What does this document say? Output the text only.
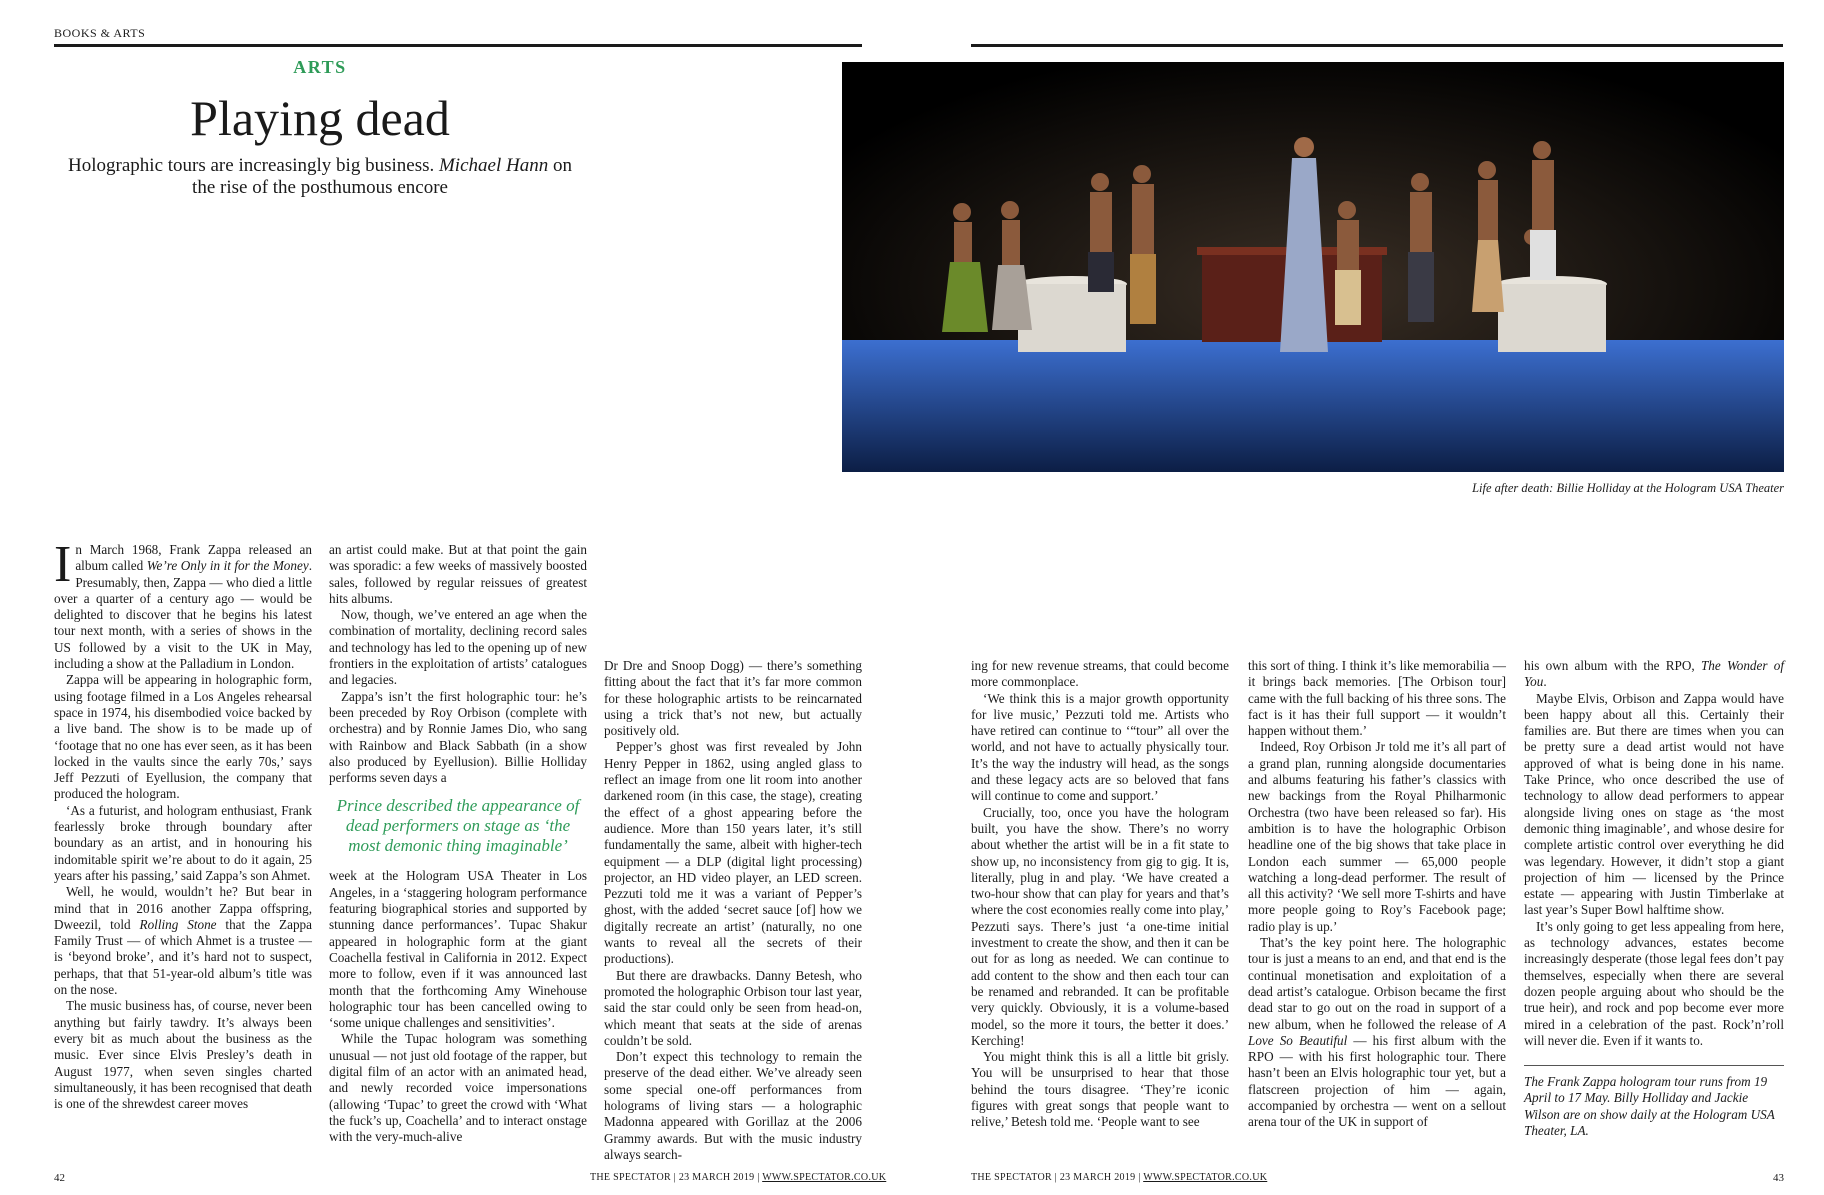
BOOKS & ARTS
ARTS
Playing dead
Holographic tours are increasingly big business. Michael Hann on the rise of the posthumous encore
Life after death: Billie Holliday at the Hologram USA Theater

In March 1968, Frank Zappa released an album called We’re Only in it for the Money. Presumably, then, Zappa — who died a little over a quarter of a century ago — would be delighted to discover that he begins his latest tour next month, with a series of shows in the US followed by a visit to the UK in May, including a show at the Palladium in London.

Zappa will be appearing in holographic form, using footage filmed in a Los Angeles rehearsal space in 1974, his disembodied voice backed by a live band. The show is to be made up of ‘footage that no one has ever seen, as it has been locked in the vaults since the early 70s,’ says Jeff Pezzuti of Eyellusion, the company that produced the hologram.

‘As a futurist, and hologram enthusiast, Frank fearlessly broke through boundary after boundary as an artist, and in honouring his indomitable spirit we’re about to do it again, 25 years after his passing,’ said Zappa’s son Ahmet.

Well, he would, wouldn’t he? But bear in mind that in 2016 another Zappa offspring, Dweezil, told Rolling Stone that the Zappa Family Trust — of which Ahmet is a trustee — is ‘beyond broke’, and it’s hard not to suspect, perhaps, that that 51-year-old album’s title was on the nose.

The music business has, of course, never been anything but fairly tawdry. It’s always been every bit as much about the business as the music. Ever since Elvis Presley’s death in August 1977, when seven singles charted simultaneously, it has been recognised that death is one of the shrewdest career moves

an artist could make. But at that point the gain was sporadic: a few weeks of massively boosted sales, followed by regular reissues of greatest hits albums.

Now, though, we’ve entered an age when the combination of mortality, declining record sales and technology has led to the opening up of new frontiers in the exploitation of artists’ catalogues and legacies.

Zappa’s isn’t the first holographic tour: he’s been preceded by Roy Orbison (complete with orchestra) and by Ronnie James Dio, who sang with Rainbow and Black Sabbath (in a show also produced by Eyellusion). Billie Holliday performs seven days a

Prince described the appearance of dead performers on stage as ‘the most demonic thing imaginable’

week at the Hologram USA Theater in Los Angeles, in a ‘staggering hologram performance featuring biographical stories and supported by stunning dance performances’. Tupac Shakur appeared in holographic form at the giant Coachella festival in California in 2012. Expect more to follow, even if it was announced last month that the forthcoming Amy Winehouse holographic tour has been cancelled owing to ‘some unique challenges and sensitivities’.

While the Tupac hologram was something unusual — not just old footage of the rapper, but digital film of an actor with an animated head, and newly recorded voice impersonations (allowing ‘Tupac’ to greet the crowd with ‘What the fuck’s up, Coachella’ and to interact onstage with the very-much-alive

Dr Dre and Snoop Dogg) — there’s something fitting about the fact that it’s far more common for these holographic artists to be reincarnated using a trick that’s not new, but actually positively old.

Pepper’s ghost was first revealed by John Henry Pepper in 1862, using angled glass to reflect an image from one lit room into another darkened room (in this case, the stage), creating the effect of a ghost appearing before the audience. More than 150 years later, it’s still fundamentally the same, albeit with higher-tech equipment — a DLP (digital light processing) projector, an HD video player, an LED screen. Pezzuti told me it was a variant of Pepper’s ghost, with the added ‘secret sauce [of] how we digitally recreate an artist’ (naturally, no one wants to reveal all the secrets of their productions).

But there are drawbacks. Danny Betesh, who promoted the holographic Orbison tour last year, said the star could only be seen from head-on, which meant that seats at the side of arenas couldn’t be sold.

Don’t expect this technology to remain the preserve of the dead either. We’ve already seen some special one-off performances from holograms of living stars — a holographic Madonna appeared with Gorillaz at the 2006 Grammy awards. But with the music industry always search-

ing for new revenue streams, that could become more commonplace.

‘We think this is a major growth opportunity for live music,’ Pezzuti told me. Artists who have retired can continue to ‘“tour” all over the world, and not have to actually physically tour. It’s the way the industry will head, as the songs and these legacy acts are so beloved that fans will continue to come and support.’

Crucially, too, once you have the hologram built, you have the show. There’s no worry about whether the artist will be in a fit state to show up, no inconsistency from gig to gig. It is, literally, plug in and play. ‘We have created a two-hour show that can play for years and that’s where the cost economies really come into play,’ Pezzuti says. There’s just ‘a one-time initial investment to create the show, and then it can be out for as long as needed. We can continue to add content to the show and then each tour can be renamed and rebranded. It can be profitable very quickly. Obviously, it is a volume-based model, so the more it tours, the better it does.’ Kerching!

You might think this is all a little bit grisly. You will be unsurprised to hear that those behind the tours disagree. ‘They’re iconic figures with great songs that people want to relive,’ Betesh told me. ‘People want to see

this sort of thing. I think it’s like memorabilia — it brings back memories. [The Orbison tour] came with the full backing of his three sons. The fact is it has their full support — it wouldn’t happen without them.’

Indeed, Roy Orbison Jr told me it’s all part of a grand plan, running alongside documentaries and albums featuring his father’s classics with new backings from the Royal Philharmonic Orchestra (two have been released so far). His ambition is to have the holographic Orbison headline one of the big shows that take place in London each summer — 65,000 people watching a long-dead performer. The result of all this activity? ‘We sell more T-shirts and have more people going to Roy’s Facebook page; radio play is up.’

That’s the key point here. The holographic tour is just a means to an end, and that end is the continual monetisation and exploitation of a dead artist’s catalogue. Orbison became the first dead star to go out on the road in support of a new album, when he followed the release of A Love So Beautiful — his first album with the RPO — with his first holographic tour. There hasn’t been an Elvis holographic tour yet, but a flatscreen projection of him — again, accompanied by orchestra — went on a sellout arena tour of the UK in support of

his own album with the RPO, The Wonder of You.

Maybe Elvis, Orbison and Zappa would have been happy about all this. Certainly their families are. But there are times when you can be pretty sure a dead artist would not have approved of what is being done in his name. Take Prince, who once described the use of technology to allow dead performers to appear alongside living ones on stage as ‘the most demonic thing imaginable’, and whose desire for complete artistic control over everything he did was legendary. However, it didn’t stop a giant projection of him — licensed by the Prince estate — appearing with Justin Timberlake at last year’s Super Bowl halftime show.

It’s only going to get less appealing from here, as technology advances, estates become increasingly desperate (those legal fees don’t pay themselves, especially when there are several dozen people arguing about who should be the true heir), and rock and pop become ever more mired in a celebration of the past. Rock’n’roll will never die. Even if it wants to.

The Frank Zappa hologram tour runs from 19 April to 17 May. Billy Holliday and Jackie Wilson are on show daily at the Hologram USA Theater, LA.
42	THE SPECTATOR | 23 MARCH 2019 | WWW.SPECTATOR.CO.UK	THE SPECTATOR | 23 MARCH 2019 | WWW.SPECTATOR.CO.UK	43
